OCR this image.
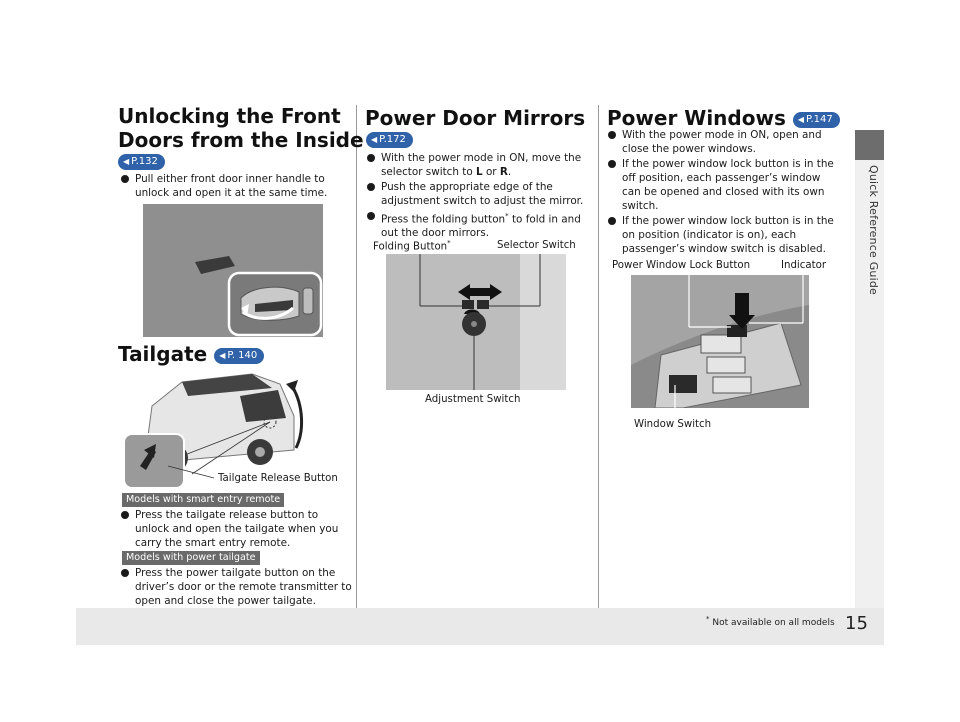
Quick Reference Guide
Unlocking the Front
Doors from the Inside
◀ P.132
Pull either front door inner handle to unlock and open it at the same time.
Tailgate ◀ P. 140
Tailgate Release Button
Models with smart entry remote
Press the tailgate release button to unlock and open the tailgate when you carry the smart entry remote.
Models with power tailgate
Press the power tailgate button on the driver’s door or the remote transmitter to open and close the power tailgate.
Power Door Mirrors
◀ P.172
With the power mode in ON, move the selector switch to L or R.
Push the appropriate edge of the adjustment switch to adjust the mirror.
Press the folding button* to fold in and out the door mirrors.
Folding Button*	Selector Switch
Adjustment Switch
Power Windows ◀ P.147
With the power mode in ON, open and close the power windows.
If the power window lock button is in the off position, each passenger’s window can be opened and closed with its own switch.
If the power window lock button is in the on position (indicator is on), each passenger’s window switch is disabled.
Power Window Lock Button	Indicator
Window Switch
* Not available on all models 15
